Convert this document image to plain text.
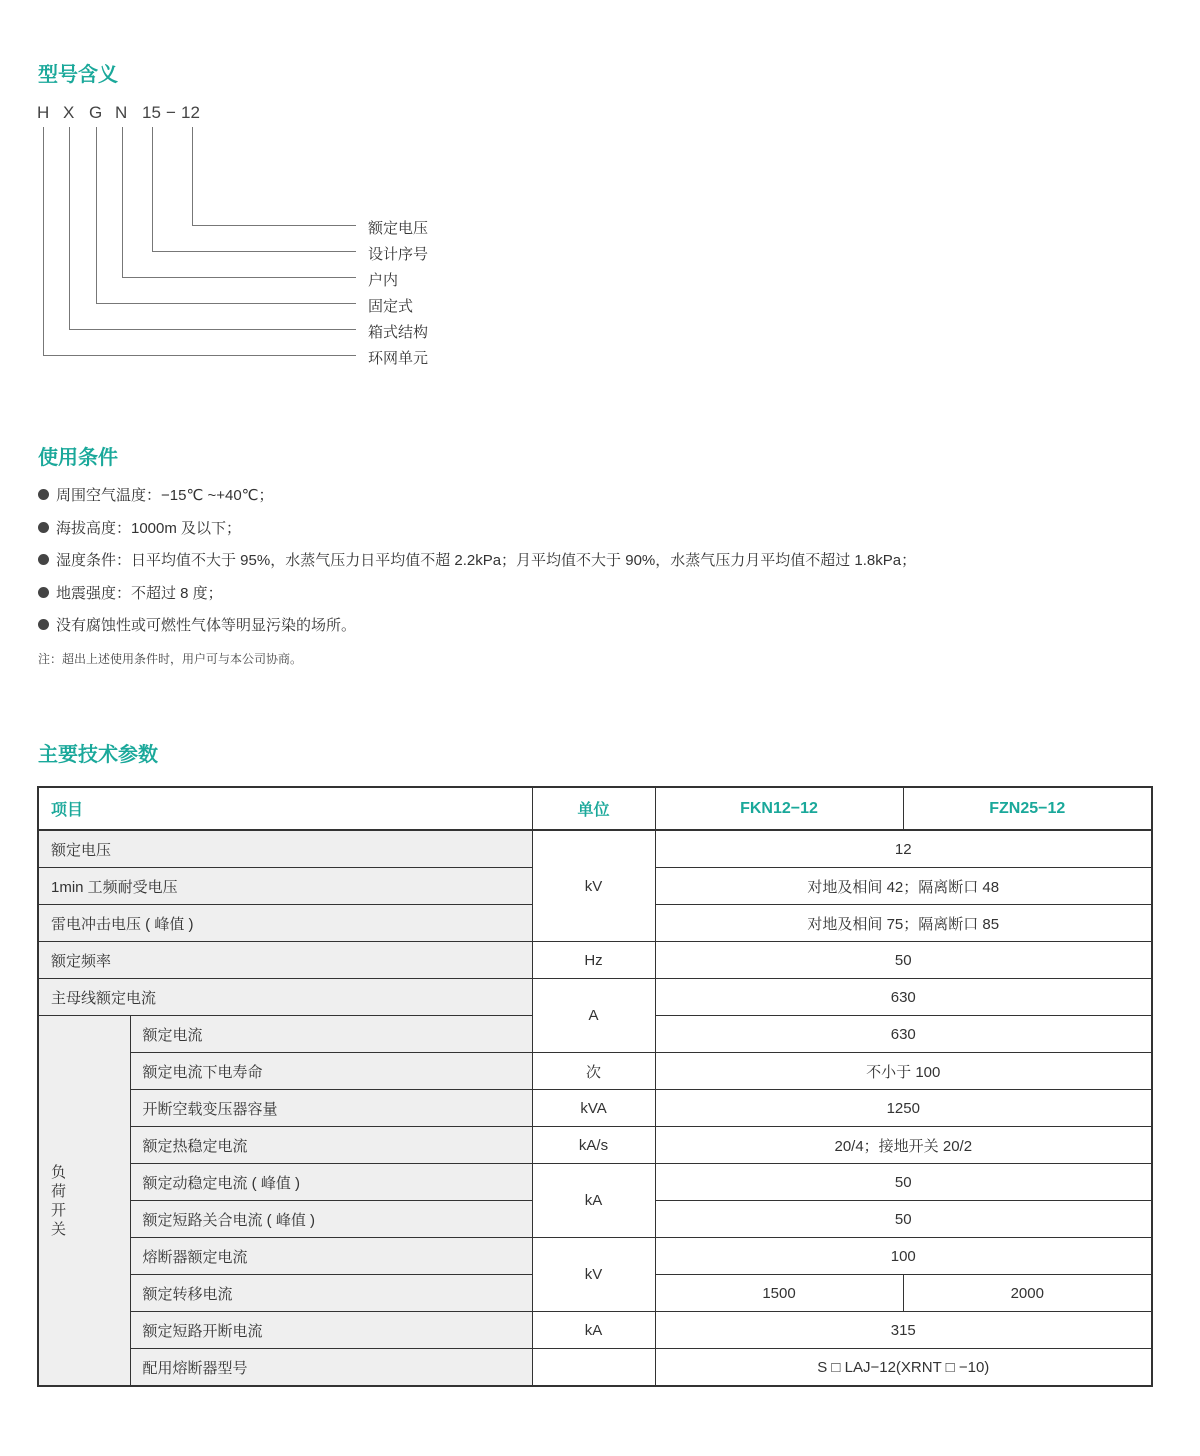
型号含义
H X G N 15 − 12
额定电压
设计序号
户内
固定式
箱式结构
环网单元
使用条件
周围空气温度：−15℃ ~+40℃；
海拔高度：1000m 及以下；
湿度条件：日平均值不大于 95%，水蒸气压力日平均值不超 2.2kPa；月平均值不大于 90%，水蒸气压力月平均值不超过 1.8kPa；
地震强度：不超过 8 度；
没有腐蚀性或可燃性气体等明显污染的场所。
注：超出上述使用条件时，用户可与本公司协商。
主要技术参数
项目		单位	FKN12−12	FZN25−12
额定电压		kV	12	
1min 工频耐受电压			对地及相间 42；隔离断口 48	
雷电冲击电压 ( 峰值 )			对地及相间 75；隔离断口 85	
额定频率		Hz	50	
主母线额定电流		A	630	
负荷开关	额定电流		630	
	额定电流下电寿命	次	不小于 100	
	开断空载变压器容量	kVA	1250	
	额定热稳定电流	kA/s	20/4；接地开关 20/2	
	额定动稳定电流 ( 峰值 )	kA	50	
	额定短路关合电流 ( 峰值 )		50	
	熔断器额定电流	kV	100	
	额定转移电流		1500	2000
	额定短路开断电流	kA	315	
	配用熔断器型号		S □ LAJ−12(XRNT □ −10)	
